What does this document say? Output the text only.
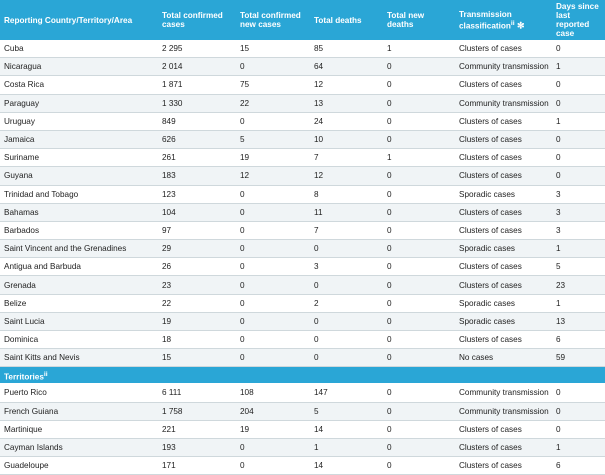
Reporting Country/Territory/Area	Total confirmed cases	Total confirmed new cases	Total deaths	Total new deaths	Transmission classification$^{ii}$ ✻	Days since last reported case
Cuba	2 295	15	85	1	Clusters of cases	0
Nicaragua	2 014	0	64	0	Community transmission	1
Costa Rica	1 871	75	12	0	Clusters of cases	0
Paraguay	1 330	22	13	0	Community transmission	0
Uruguay	849	0	24	0	Clusters of cases	1
Jamaica	626	5	10	0	Clusters of cases	0
Suriname	261	19	7	1	Clusters of cases	0
Guyana	183	12	12	0	Clusters of cases	0
Trinidad and Tobago	123	0	8	0	Sporadic cases	3
Bahamas	104	0	11	0	Clusters of cases	3
Barbados	97	0	7	0	Clusters of cases	3
Saint Vincent and the Grenadines	29	0	0	0	Sporadic cases	1
Antigua and Barbuda	26	0	3	0	Clusters of cases	5
Grenada	23	0	0	0	Clusters of cases	23
Belize	22	0	2	0	Sporadic cases	1
Saint Lucia	19	0	0	0	Sporadic cases	13
Dominica	18	0	0	0	Clusters of cases	6
Saint Kitts and Nevis	15	0	0	0	No cases	59
Territories$^{ii}$
Puerto Rico	6 111	108	147	0	Community transmission	0
French Guiana	1 758	204	5	0	Community transmission	0
Martinique	221	19	14	0	Clusters of cases	0
Cayman Islands	193	0	1	0	Clusters of cases	1
Guadeloupe	171	0	14	0	Clusters of cases	6
